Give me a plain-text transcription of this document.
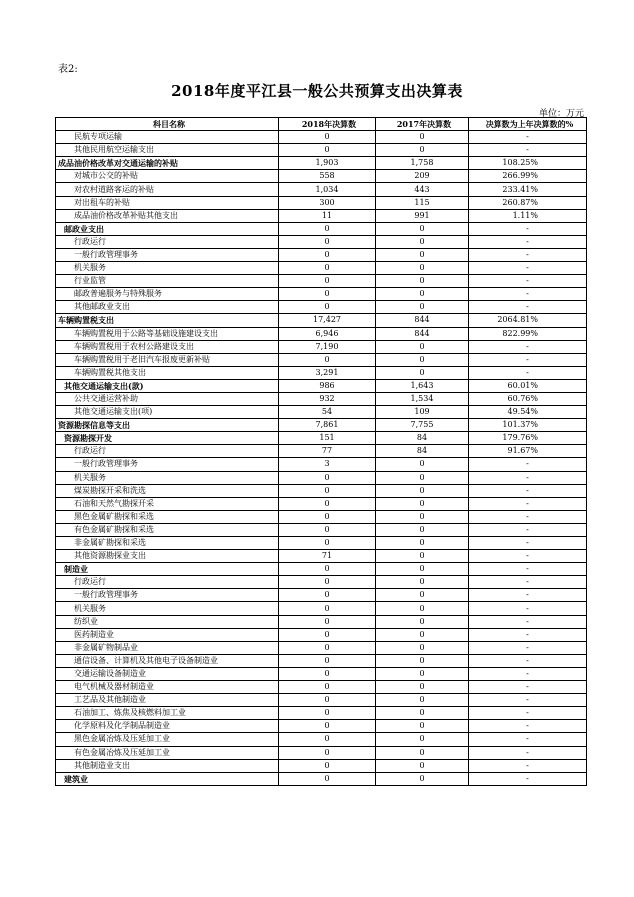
表2:
2018年度平江县一般公共预算支出决算表
单位：万元
科目名称	2018年决算数	2017年决算数	决算数为上年决算数的%
民航专项运输	0	0	-
其他民用航空运输支出	0	0	-
成品油价格改革对交通运输的补贴	1,903	1,758	108.25%
对城市公交的补贴	558	209	266.99%
对农村道路客运的补贴	1,034	443	233.41%
对出租车的补贴	300	115	260.87%
成品油价格改革补贴其他支出	11	991	1.11%
邮政业支出	0	0	-
行政运行	0	0	-
一般行政管理事务	0	0	-
机关服务	0	0	-
行业监管	0	0	-
邮政普遍服务与特殊服务	0	0	-
其他邮政业支出	0	0	-
车辆购置税支出	17,427	844	2064.81%
车辆购置税用于公路等基础设施建设支出	6,946	844	822.99%
车辆购置税用于农村公路建设支出	7,190	0	-
车辆购置税用于老旧汽车报废更新补贴	0	0	-
车辆购置税其他支出	3,291	0	-
其他交通运输支出(款)	986	1,643	60.01%
公共交通运营补助	932	1,534	60.76%
其他交通运输支出(项)	54	109	49.54%
资源勘探信息等支出	7,861	7,755	101.37%
资源勘探开发	151	84	179.76%
行政运行	77	84	91.67%
一般行政管理事务	3	0	-
机关服务	0	0	-
煤炭勘探开采和洗选	0	0	-
石油和天然气勘探开采	0	0	-
黑色金属矿勘探和采选	0	0	-
有色金属矿勘探和采选	0	0	-
非金属矿勘探和采选	0	0	-
其他资源勘探业支出	71	0	-
制造业	0	0	-
行政运行	0	0	-
一般行政管理事务	0	0	-
机关服务	0	0	-
纺织业	0	0	-
医药制造业	0	0	-
非金属矿物制品业	0	0	-
通信设备、计算机及其他电子设备制造业	0	0	-
交通运输设备制造业	0	0	-
电气机械及器材制造业	0	0	-
工艺品及其他制造业	0	0	-
石油加工、炼焦及核燃料加工业	0	0	-
化学原料及化学制品制造业	0	0	-
黑色金属冶炼及压延加工业	0	0	-
有色金属冶炼及压延加工业	0	0	-
其他制造业支出	0	0	-
建筑业	0	0	-
